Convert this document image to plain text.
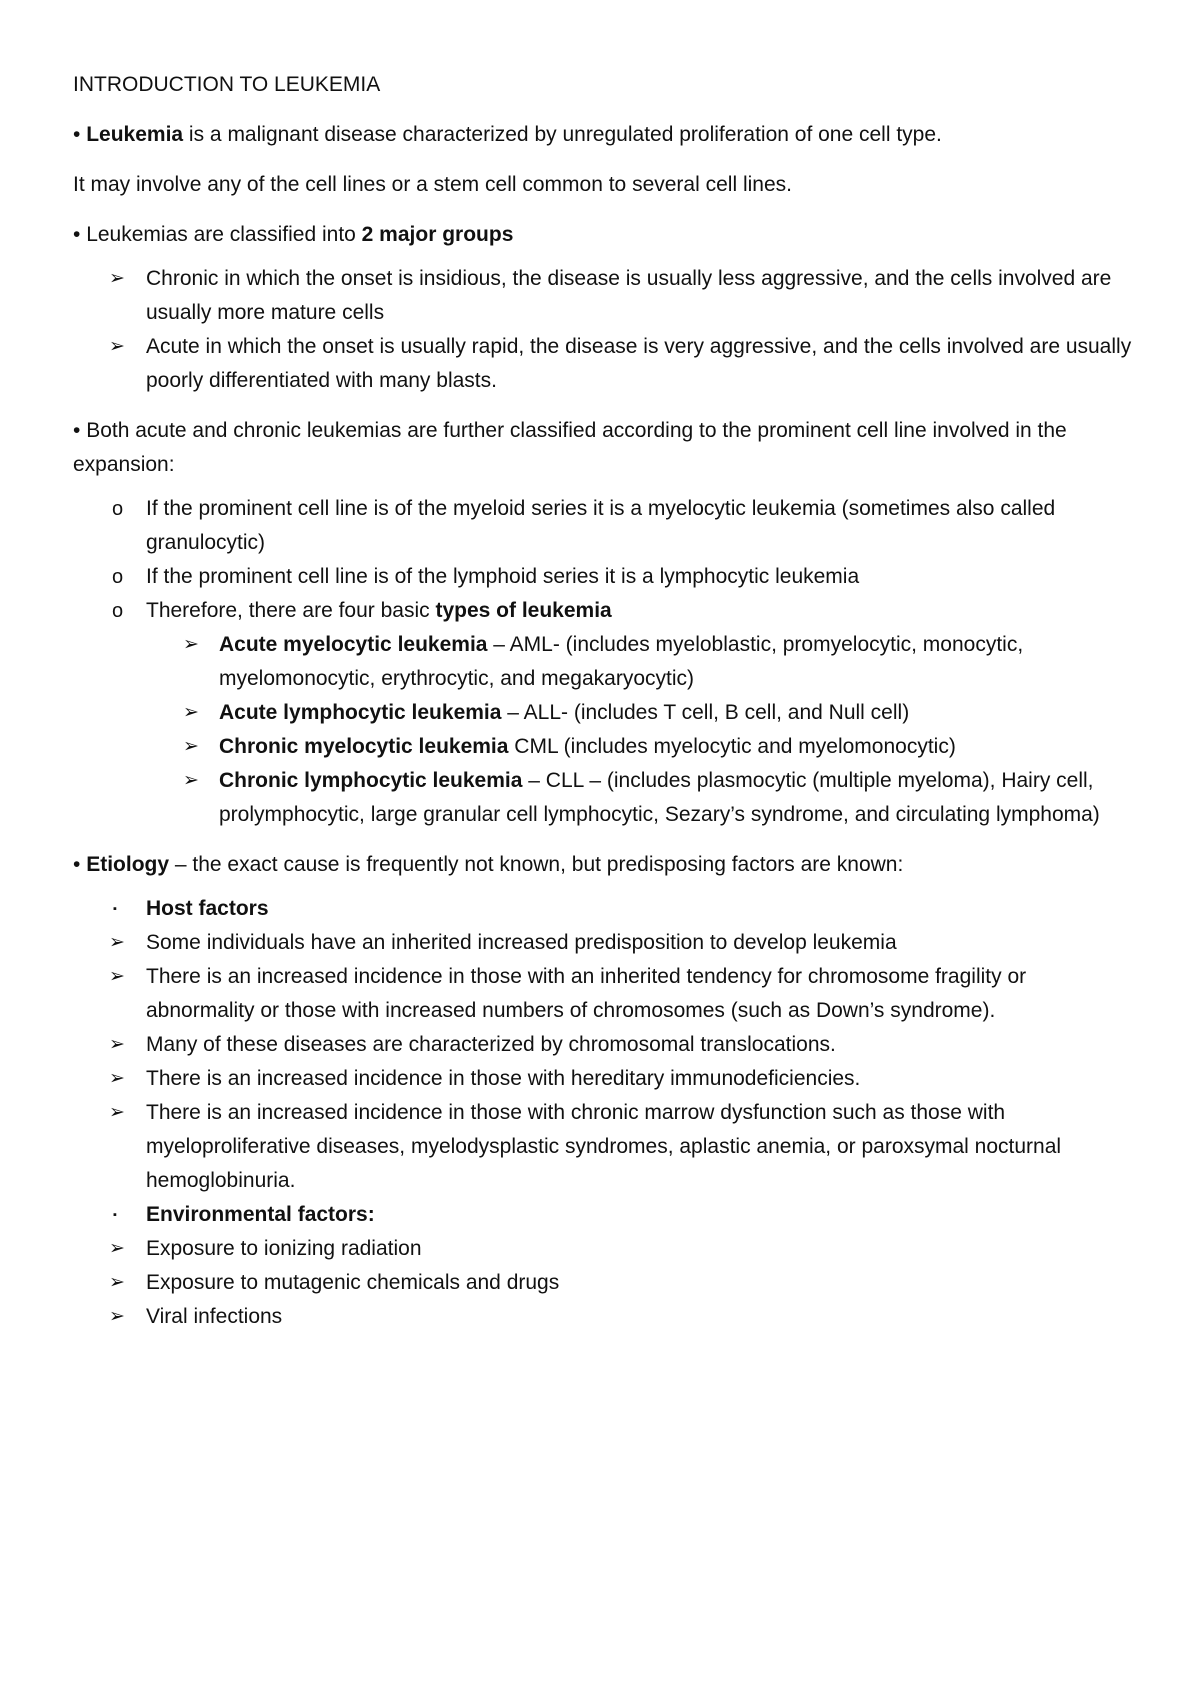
INTRODUCTION TO LEUKEMIA

• Leukemia is a malignant disease characterized by unregulated proliferation of one cell type.

It may involve any of the cell lines or a stem cell common to several cell lines.

• Leukemias are classified into 2 major groups

➢	Chronic in which the onset is insidious, the disease is usually less aggressive, and the cells involved are usually more mature cells
➢	Acute in which the onset is usually rapid, the disease is very aggressive, and the cells involved are usually poorly differentiated with many blasts.

• Both acute and chronic leukemias are further classified according to the prominent cell line involved in the expansion:

o	If the prominent cell line is of the myeloid series it is a myelocytic leukemia (sometimes also called granulocytic)
o	If the prominent cell line is of the lymphoid series it is a lymphocytic leukemia
o	Therefore, there are four basic types of leukemia
➢ Acute myelocytic leukemia – AML- (includes myeloblastic, promyelocytic, monocytic, myelomonocytic, erythrocytic, and megakaryocytic)
➢ Acute lymphocytic leukemia – ALL- (includes T cell, B cell, and Null cell)
➢ Chronic myelocytic leukemia CML (includes myelocytic and myelomonocytic)
➢ Chronic lymphocytic leukemia – CLL – (includes plasmocytic (multiple myeloma), Hairy cell, prolymphocytic, large granular cell lymphocytic, Sezary’s syndrome, and circulating lymphoma)

• Etiology – the exact cause is frequently not known, but predisposing factors are known:

▪	Host factors
➢	Some individuals have an inherited increased predisposition to develop leukemia
➢	There is an increased incidence in those with an inherited tendency for chromosome fragility or abnormality or those with increased numbers of chromosomes (such as Down’s syndrome).
➢	Many of these diseases are characterized by chromosomal translocations.
➢	There is an increased incidence in those with hereditary immunodeficiencies.
➢	There is an increased incidence in those with chronic marrow dysfunction such as those with myeloproliferative diseases, myelodysplastic syndromes, aplastic anemia, or paroxsymal nocturnal hemoglobinuria.
▪	Environmental factors:
➢	Exposure to ionizing radiation
➢	Exposure to mutagenic chemicals and drugs
➢	Viral infections
